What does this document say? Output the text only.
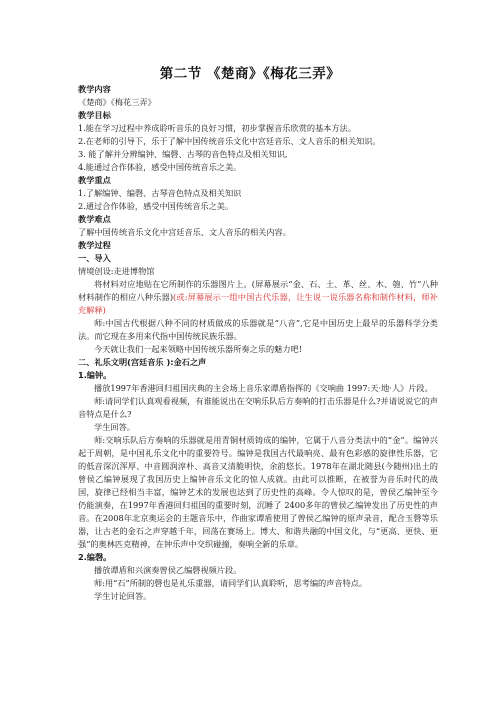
第二节 《楚商》《梅花三弄》
教学内容
《楚商》《梅花三弄》
教学目标
1.能在学习过程中养成聆听音乐的良好习惯，初步掌握音乐欣赏的基本方法。
2.在老师的引导下，乐于了解中国传统音乐文化中宫廷音乐、文人音乐的相关知识。
3. 能了解并分辨编钟、编磬、古琴的音色特点及相关知识,
4.能通过合作体验，感受中国传统音乐之美。
教学重点
1.了解编钟、编磬、古琴音色特点及相关知识
2.通过合作体验，感受中国传统音乐之美。
教学难点
了解中国传统音乐文化中宫廷音乐、文人音乐的相关内容。
教学过程
一、导入
情境创设:走进博物馆
将材料对应地贴在它所制作的乐器图片上。(屏幕展示“金、石、土、革、丝、木、匏、竹”八种材料制作的相应八种乐器)(或:屏幕展示一组中国古代乐器，让生说一说乐器名称和制作材料，师补充解释)
师:中国古代根据八种不同的材质做成的乐器就是“八音”,它是中国历史上最早的乐器科学分类法。而它现在多用来代指中国传统民族乐器。
今天就让我们一起来领略中国传统乐器所奏之乐的魅力吧!
二、礼乐文明(宫廷音乐 ):金石之声
1.编钟。
播放1997年香港回归祖国庆典的主会场上音乐家谭盾指挥的《交响曲 1997:天·地·人》片段。
师:请同学们认真观看视频，有谁能说出在交响乐队后方奏响的打击乐器是什么?并请说说它的声音特点是什么?
学生回答。
师:交响乐队后方奏响的乐器就是用青铜材质铸成的编钟，它属于八音分类法中的“金”。编钟兴起于周朝，是中国礼乐文化中的重要符号。编钟是我国古代最响亮、最有色彩感的旋律性乐器，它的低音深沉浑厚、中音圆润淳朴、高音又清脆明快，余韵悠长。1978年在湖北随县(今随州)出土的曾侯乙编钟展现了我国历史上编钟音乐文化的惊人成就。由此可以推断，在被誉为音乐时代的战国，旋律已经相当丰富，编钟艺术的发展也达到了历史性的高峰。令人惊叹的是，曾侯乙编钟至今仍能演奏，在1997年香港回归祖国的重要时刻，沉睡了 2400多年的曾侯乙编钟发出了历史性的声音。在2008年北京奥运会的主题音乐中，作曲家谭盾使用了曾侯乙编钟的原声录音，配合玉磬等乐器，让古老的金石之声穿越千年，回荡在赛场上。博大、和谐共融的中国文化，与“更高、更快、更强”的奥林匹克精神，在钟乐声中交织碰撞，奏响全新的乐章。
2.编磬。
播放谭盾和兴演奏曾侯乙编磬视频片段。
师:用“石”所制的磬也是礼乐重器，请同学们认真聆听，思考编的声音特点。
学生讨论回答。
